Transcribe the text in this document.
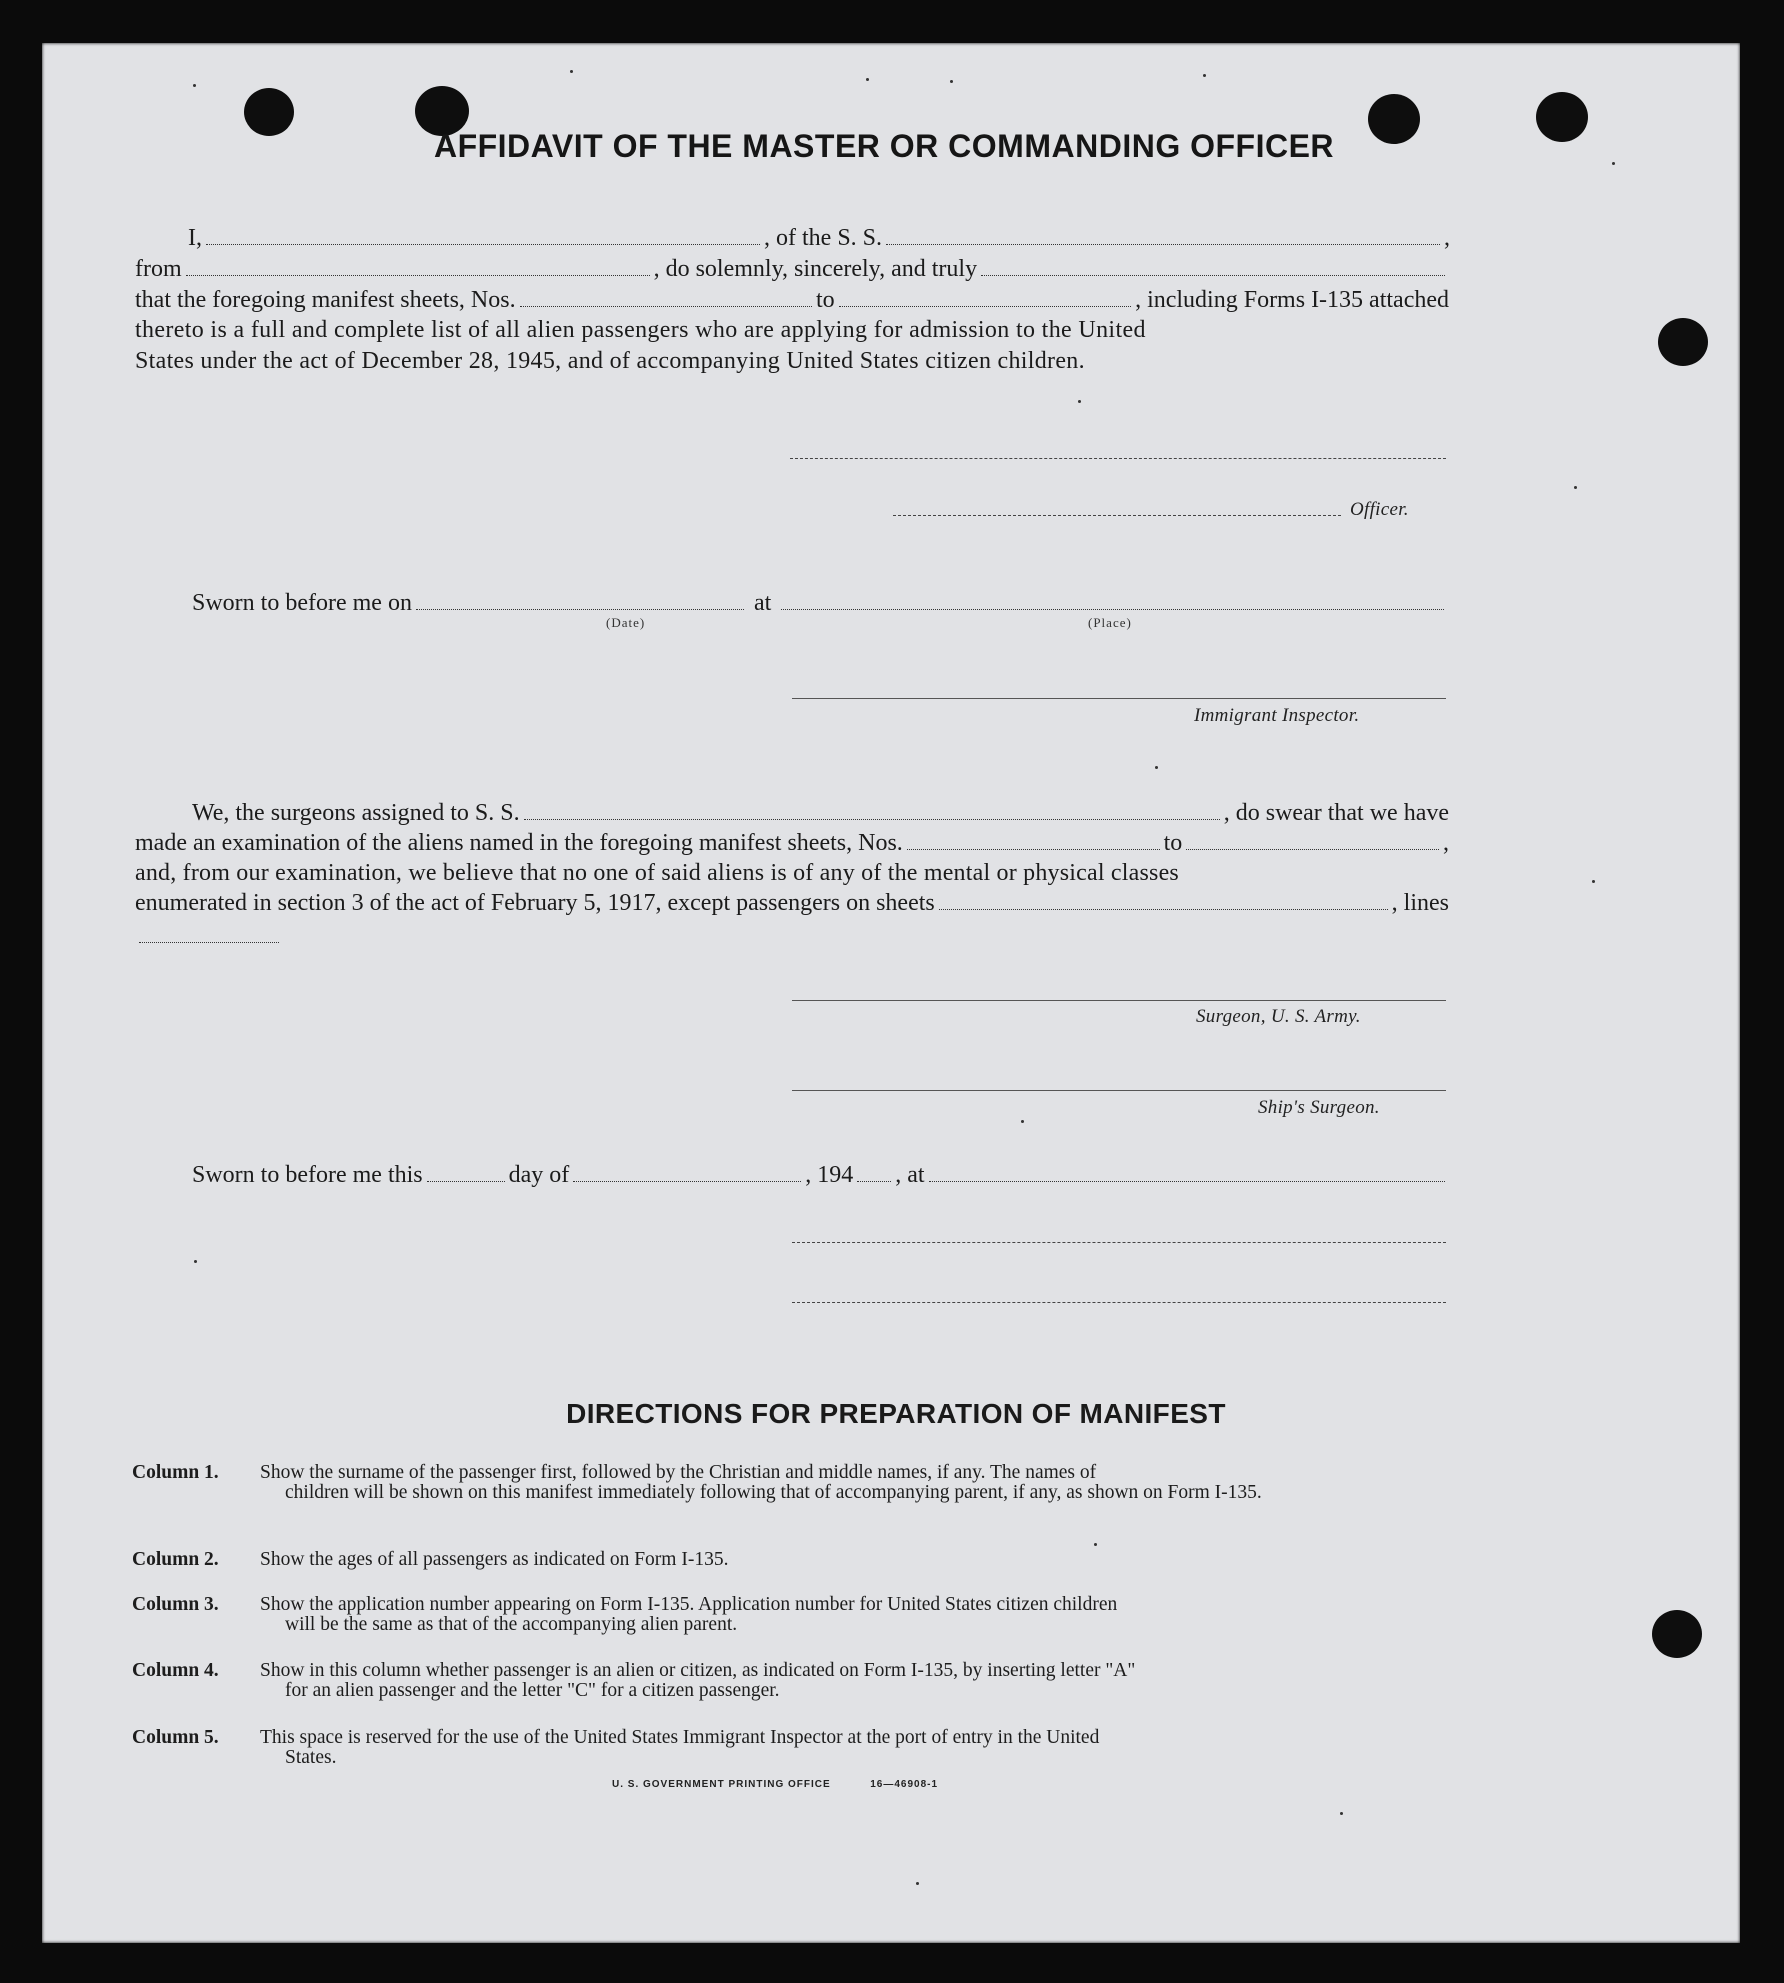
AFFIDAVIT OF THE MASTER OR COMMANDING OFFICER
I,	, of the S. S.	,
from	, do solemnly, sincerely, and truly
that the foregoing manifest sheets, Nos.	to	, including Forms I-135 attached
thereto is a full and complete list of all alien passengers who are applying for admission to the United
States under the act of December 28, 1945, and of accompanying United States citizen children.
Officer.
Sworn to before me on	at
(Date)	(Place)
Immigrant Inspector.
We, the surgeons assigned to S. S.	, do swear that we have
made an examination of the aliens named in the foregoing manifest sheets, Nos.	to	,
and, from our examination, we believe that no one of said aliens is of any of the mental or physical classes
enumerated in section 3 of the act of February 5, 1917, except passengers on sheets	, lines
Surgeon, U. S. Army.
Ship's Surgeon.
Sworn to before me this	day of	, 194 , at
DIRECTIONS FOR PREPARATION OF MANIFEST
Column 1. Show the surname of the passenger first, followed by the Christian and middle names, if any. The names of
children will be shown on this manifest immediately following that of accompanying parent, if any, as shown on Form I-135.
Column 2. Show the ages of all passengers as indicated on Form I-135.
Column 3. Show the application number appearing on Form I-135. Application number for United States citizen children
will be the same as that of the accompanying alien parent.
Column 4. Show in this column whether passenger is an alien or citizen, as indicated on Form I-135, by inserting letter "A"
for an alien passenger and the letter "C" for a citizen passenger.
Column 5. This space is reserved for the use of the United States Immigrant Inspector at the port of entry in the United
States.
U. S. GOVERNMENT PRINTING OFFICE	16—46908-1
